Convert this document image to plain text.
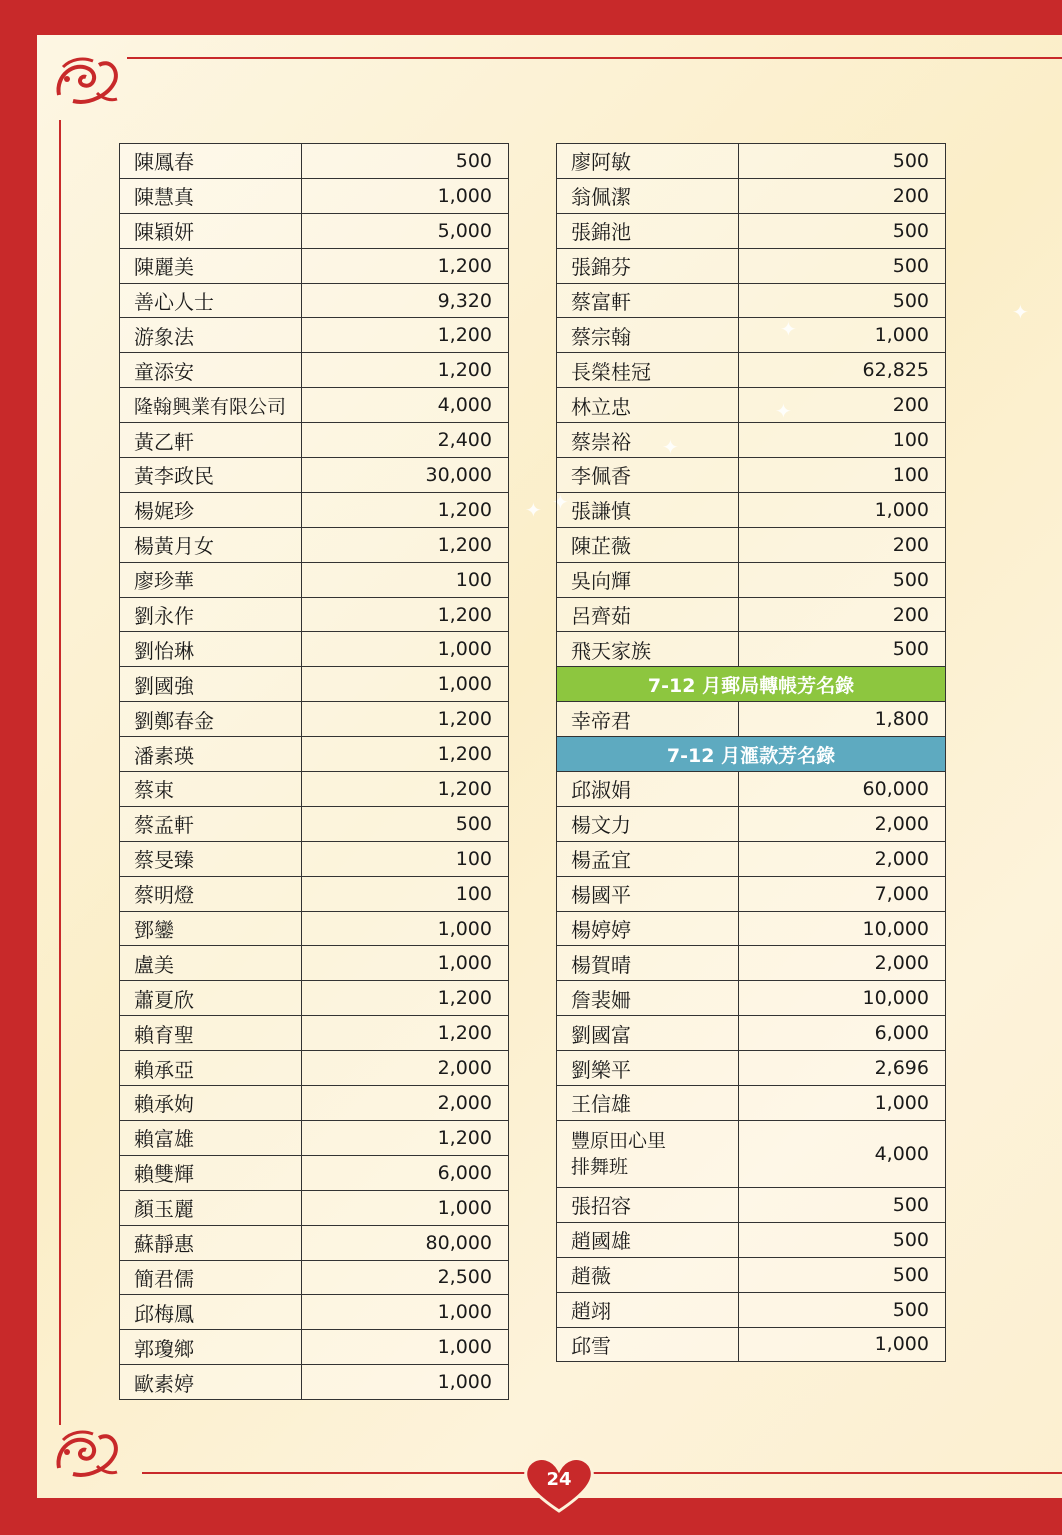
✦
✦
✦
✦
✦
✦
陳鳳春	500
陳慧真	1,000
陳穎妍	5,000
陳麗美	1,200
善心人士	9,320
游象法	1,200
童添安	1,200
隆翰興業有限公司	4,000
黃乙軒	2,400
黃李政民	30,000
楊娓珍	1,200
楊黃月女	1,200
廖珍華	100
劉永作	1,200
劉怡琳	1,000
劉國強	1,000
劉鄭春金	1,200
潘素瑛	1,200
蔡束	1,200
蔡孟軒	500
蔡旻臻	100
蔡明燈	100
鄧鑾	1,000
盧美	1,000
蕭夏欣	1,200
賴育聖	1,200
賴承亞	2,000
賴承姁	2,000
賴富雄	1,200
賴雙輝	6,000
顏玉麗	1,000
蘇靜惠	80,000
簡君儒	2,500
邱梅鳳	1,000
郭瓊鄉	1,000
歐素婷	1,000
廖阿敏	500
翁佩潔	200
張錦池	500
張錦芬	500
蔡富軒	500
蔡宗翰	1,000
長榮桂冠	62,825
林立忠	200
蔡崇裕	100
李佩香	100
張謙慎	1,000
陳芷薇	200
吳向輝	500
呂齊茹	200
飛天家族	500
7-12 月郵局轉帳芳名錄	
幸帝君	1,800
7-12 月滙款芳名錄	
邱淑娟	60,000
楊文力	2,000
楊孟宜	2,000
楊國平	7,000
楊婷婷	10,000
楊賀晴	2,000
詹裴姍	10,000
劉國富	6,000
劉樂平	2,696
王信雄	1,000

豐原田心里
排舞班	4,000
張招容	500
趙國雄	500
趙薇	500
趙翊	500
邱雪	1,000
24
